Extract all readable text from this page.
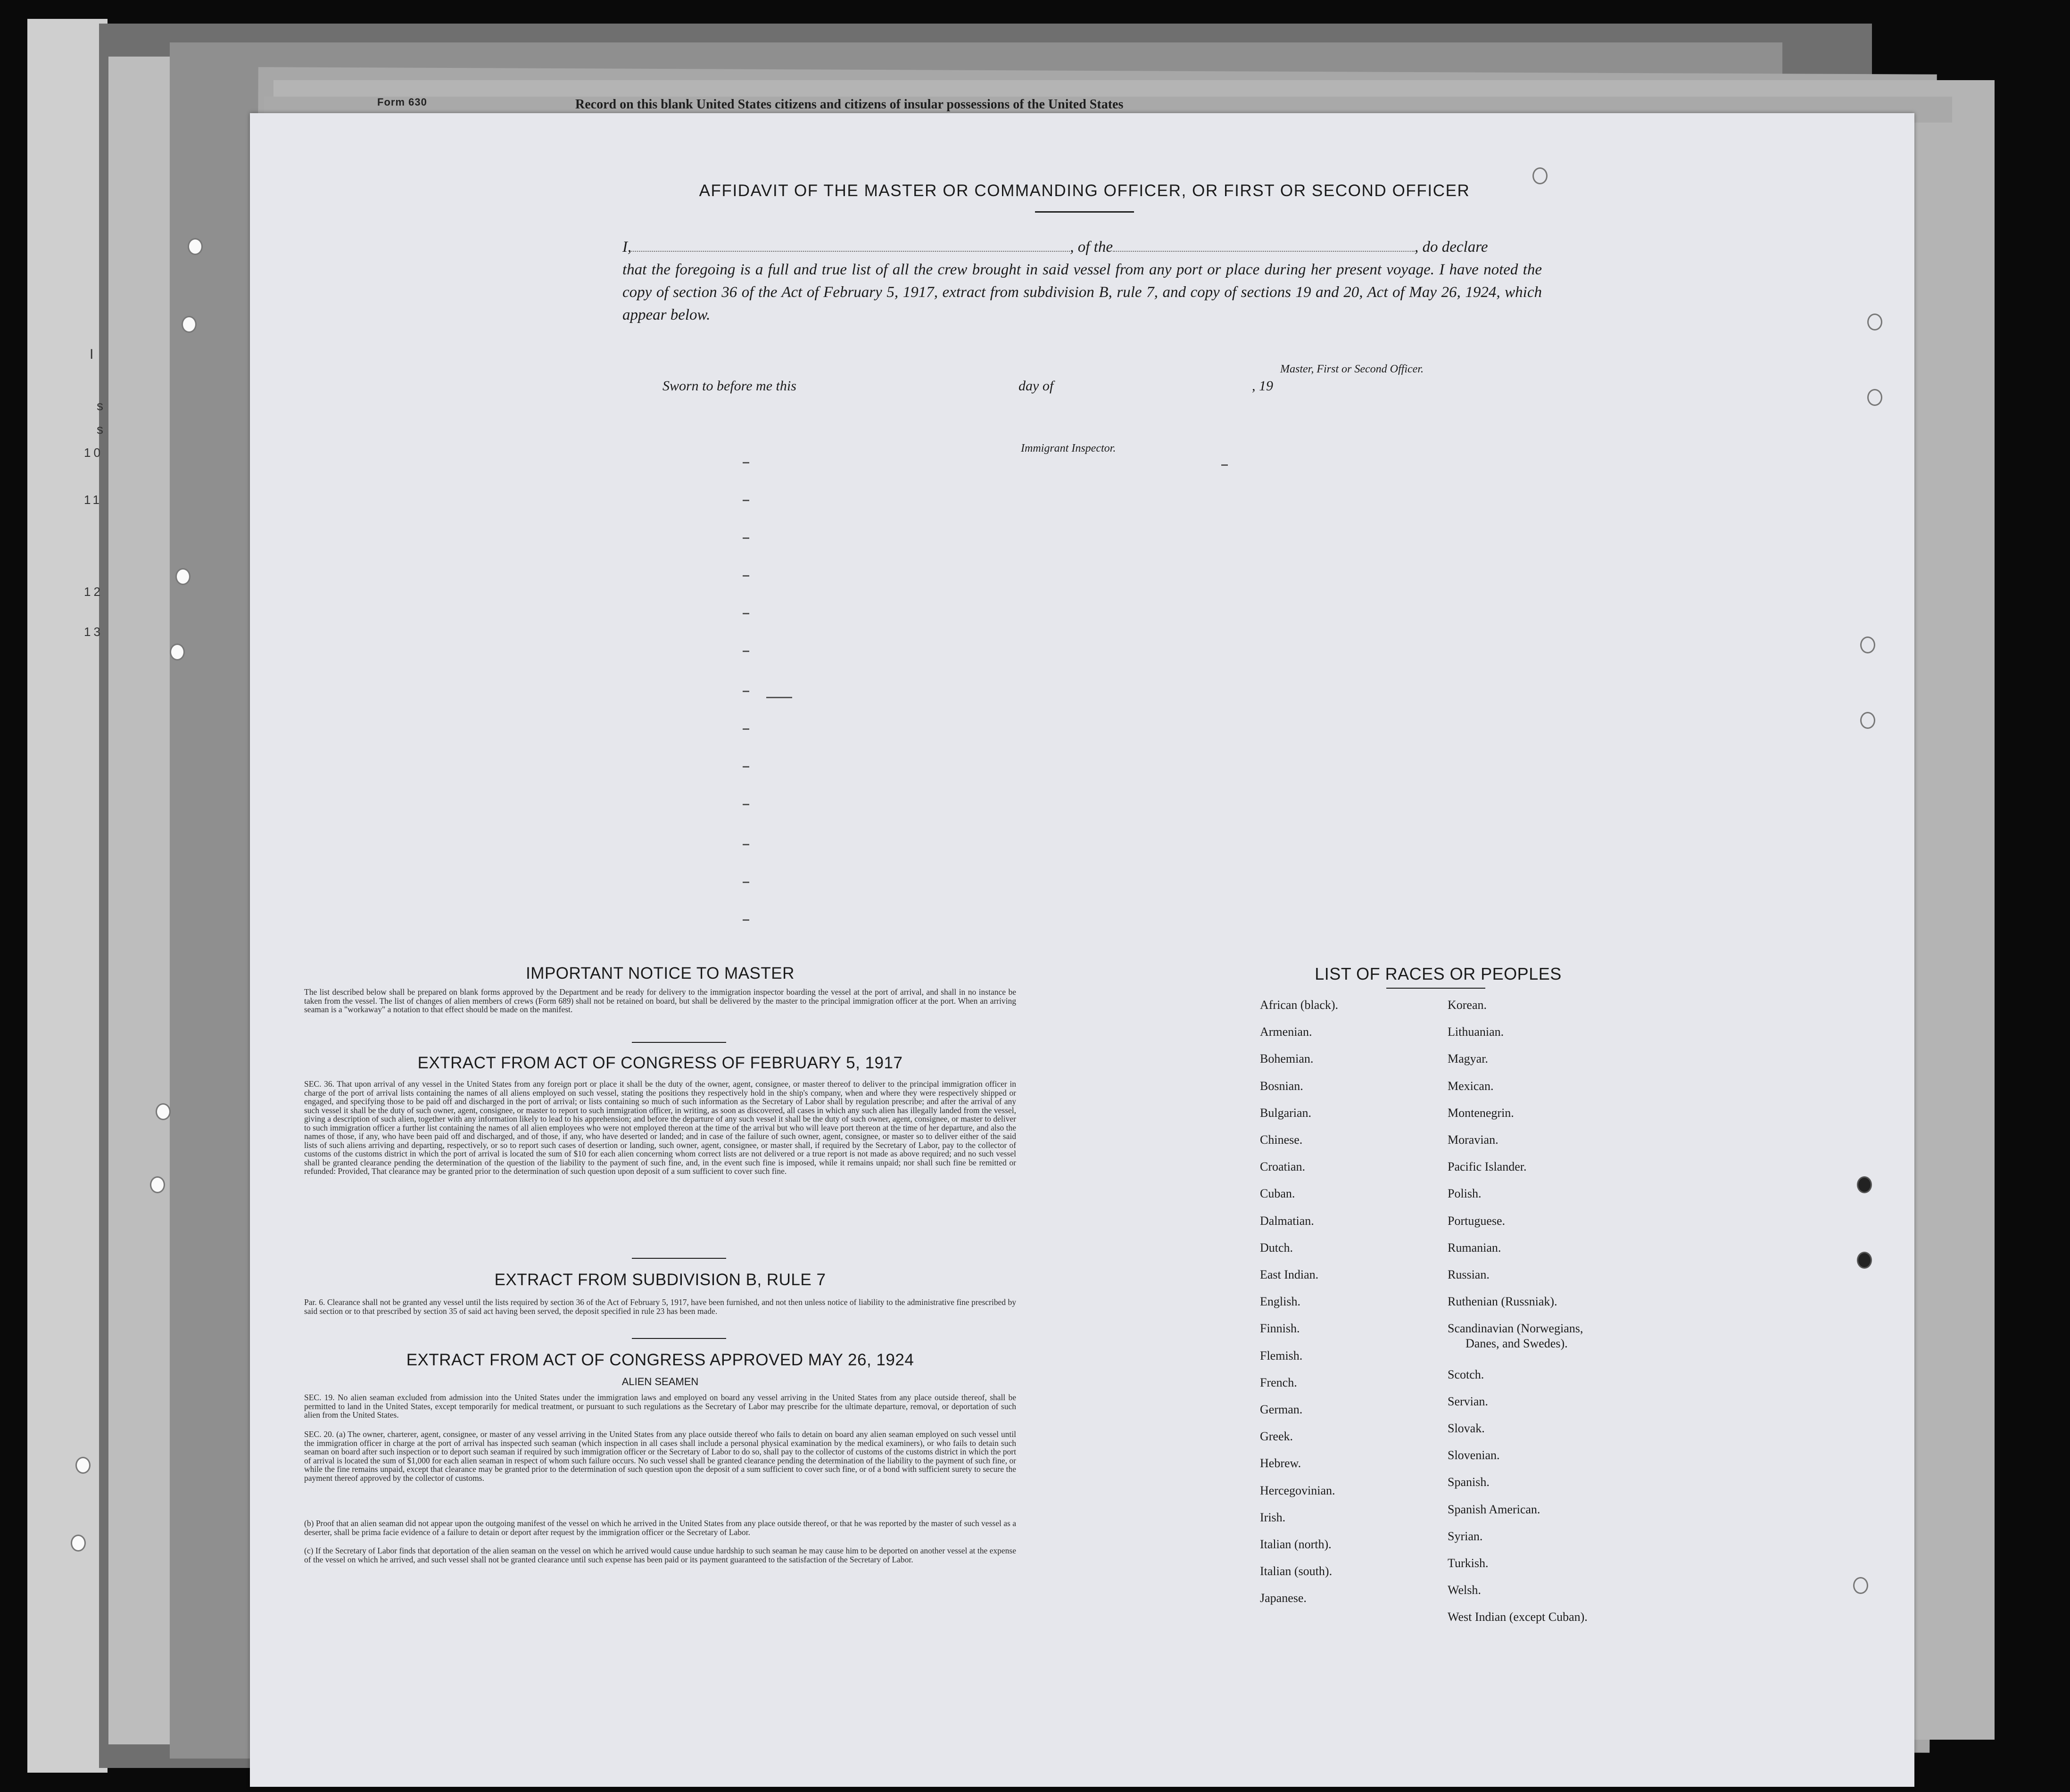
Form 630	Record on this blank United States citizens and citizens of insular possessions of the United States
I
s
s
10
11
12
13
AFFIDAVIT OF THE MASTER OR COMMANDING OFFICER, OR FIRST OR SECOND OFFICER
I,	, of the	, do declare
that the foregoing is a full and true list of all the crew brought in said vessel from any port or place during her present voyage. I have noted the copy of section 36 of the Act of February 5, 1917, extract from subdivision B, rule 7, and copy of sections 19 and 20, Act of May 26, 1924, which appear below.
Master, First or Second Officer.
Sworn to before me this	day of	, 19
Immigrant Inspector.
IMPORTANT NOTICE TO MASTER
The list described below shall be prepared on blank forms approved by the Department and be ready for delivery to the immigration inspector boarding the vessel at the port of arrival, and shall in no instance be taken from the vessel. The list of changes of alien members of crews (Form 689) shall not be retained on board, but shall be delivered by the master to the principal immigration officer at the port. When an arriving seaman is a "workaway" a notation to that effect should be made on the manifest.
EXTRACT FROM ACT OF CONGRESS OF FEBRUARY 5, 1917
SEC. 36. That upon arrival of any vessel in the United States from any foreign port or place it shall be the duty of the owner, agent, consignee, or master thereof to deliver to the principal immigration officer in charge of the port of arrival lists containing the names of all aliens employed on such vessel, stating the positions they respectively hold in the ship's company, when and where they were respectively shipped or engaged, and specifying those to be paid off and discharged in the port of arrival; or lists containing so much of such information as the Secretary of Labor shall by regulation prescribe; and after the arrival of any such vessel it shall be the duty of such owner, agent, consignee, or master to report to such immigration officer, in writing, as soon as discovered, all cases in which any such alien has illegally landed from the vessel, giving a description of such alien, together with any information likely to lead to his apprehension; and before the departure of any such vessel it shall be the duty of such owner, agent, consignee, or master to deliver to such immigration officer a further list containing the names of all alien employees who were not employed thereon at the time of the arrival but who will leave port thereon at the time of her departure, and also the names of those, if any, who have been paid off and discharged, and of those, if any, who have deserted or landed; and in case of the failure of such owner, agent, consignee, or master so to deliver either of the said lists of such aliens arriving and departing, respectively, or so to report such cases of desertion or landing, such owner, agent, consignee, or master shall, if required by the Secretary of Labor, pay to the collector of customs of the customs district in which the port of arrival is located the sum of $10 for each alien concerning whom correct lists are not delivered or a true report is not made as above required; and no such vessel shall be granted clearance pending the determination of the question of the liability to the payment of such fine, and, in the event such fine is imposed, while it remains unpaid; nor shall such fine be remitted or refunded: Provided, That clearance may be granted prior to the determination of such question upon deposit of a sum sufficient to cover such fine.
EXTRACT FROM SUBDIVISION B, RULE 7
Par. 6. Clearance shall not be granted any vessel until the lists required by section 36 of the Act of February 5, 1917, have been furnished, and not then unless notice of liability to the administrative fine prescribed by said section or to that prescribed by section 35 of said act having been served, the deposit specified in rule 23 has been made.
EXTRACT FROM ACT OF CONGRESS APPROVED MAY 26, 1924
ALIEN SEAMEN
SEC. 19. No alien seaman excluded from admission into the United States under the immigration laws and employed on board any vessel arriving in the United States from any place outside thereof, shall be permitted to land in the United States, except temporarily for medical treatment, or pursuant to such regulations as the Secretary of Labor may prescribe for the ultimate departure, removal, or deportation of such alien from the United States.
SEC. 20. (a) The owner, charterer, agent, consignee, or master of any vessel arriving in the United States from any place outside thereof who fails to detain on board any alien seaman employed on such vessel until the immigration officer in charge at the port of arrival has inspected such seaman (which inspection in all cases shall include a personal physical examination by the medical examiners), or who fails to detain such seaman on board after such inspection or to deport such seaman if required by such immigration officer or the Secretary of Labor to do so, shall pay to the collector of customs of the customs district in which the port of arrival is located the sum of $1,000 for each alien seaman in respect of whom such failure occurs. No such vessel shall be granted clearance pending the determination of the liability to the payment of such fine, or while the fine remains unpaid, except that clearance may be granted prior to the determination of such question upon the deposit of a sum sufficient to cover such fine, or of a bond with sufficient surety to secure the payment thereof approved by the collector of customs.
(b) Proof that an alien seaman did not appear upon the outgoing manifest of the vessel on which he arrived in the United States from any place outside thereof, or that he was reported by the master of such vessel as a deserter, shall be prima facie evidence of a failure to detain or deport after request by the immigration officer or the Secretary of Labor.
(c) If the Secretary of Labor finds that deportation of the alien seaman on the vessel on which he arrived would cause undue hardship to such seaman he may cause him to be deported on another vessel at the expense of the vessel on which he arrived, and such vessel shall not be granted clearance until such expense has been paid or its payment guaranteed to the satisfaction of the Secretary of Labor.
LIST OF RACES OR PEOPLES
African (black).
Armenian.
Bohemian.
Bosnian.
Bulgarian.
Chinese.
Croatian.
Cuban.
Dalmatian.
Dutch.
East Indian.
English.
Finnish.
Flemish.
French.
German.
Greek.
Hebrew.
Hercegovinian.
Irish.
Italian (north).
Italian (south).
Japanese.
Korean.
Lithuanian.
Magyar.
Mexican.
Montenegrin.
Moravian.
Pacific Islander.
Polish.
Portuguese.
Rumanian.
Russian.
Ruthenian (Russniak).
Scandinavian (Norwegians,
Danes, and Swedes).
Scotch.
Servian.
Slovak.
Slovenian.
Spanish.
Spanish American.
Syrian.
Turkish.
Welsh.
West Indian (except Cuban).
